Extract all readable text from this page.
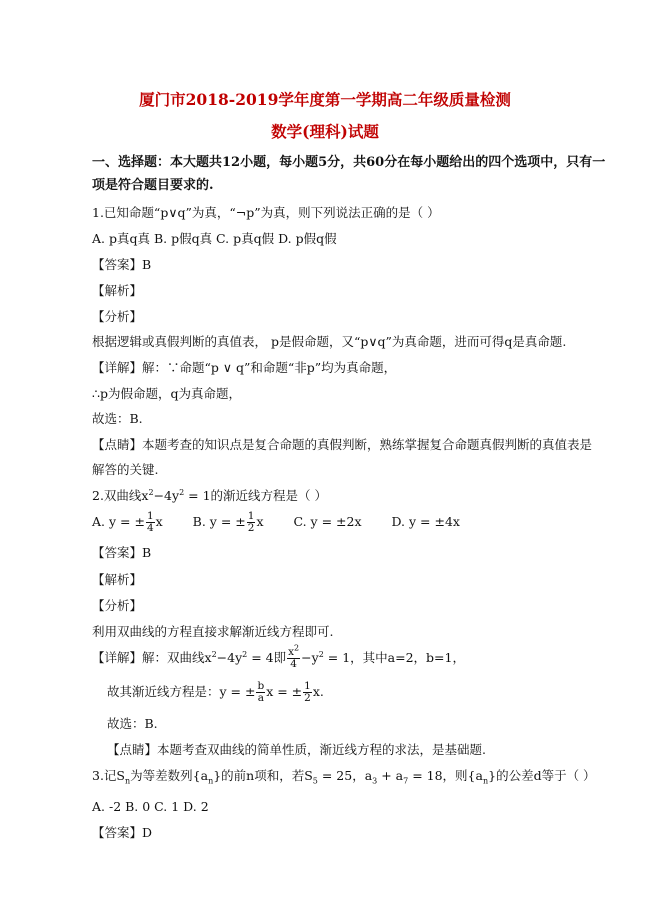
厦门市2018-2019学年度第一学期高二年级质量检测
数学(理科)试题
一、选择题：本大题共12小题，每小题5分，共60分在每小题给出的四个选项中，只有一
项是符合题目要求的.
1.已知命题“p∨q”为真，“¬p”为真，则下列说法正确的是（ ）
A. p真q真 B. p假q真 C. p真q假 D. p假q假
【答案】B
【解析】
【分析】
根据逻辑或真假判断的真值表， p是假命题，又“p∨q”为真命题，进而可得q是真命题.
【详解】解：∵命题“p ∨ q”和命题“非p”均为真命题，
∴p为假命题，q为真命题，
故选：B.
【点睛】本题考查的知识点是复合命题的真假判断，熟练掌握复合命题真假判断的真值表是
解答的关键.
2.双曲线$x^2-4y^2 = 1$的渐近线方程是（ ）
A. y = ± $\frac{1}{4}$ x B. y = ± $\frac{1}{2}$ x C. y = ±2x D. y = ±4x
【答案】B
【解析】
【分析】
利用双曲线的方程直接求解渐近线方程即可.
【详解】解：双曲线$x^2-4y^2 = 4$即 $\frac{x^2}{4} -y^2 = 1$，其中a=2，b=1，
故其渐近线方程是：y = ± $\frac{b}{a}$ x = ± $\frac{1}{2} x$.
故选：B.
【点睛】本题考查双曲线的简单性质，渐近线方程的求法，是基础题.
3.记$S_n$为等差数列$\{a_n\}$的前n项和，若$S_5 = 25$，$a_3 + a_7 = 18$，则$\{a_n\}$的公差d等于（ ）
A. -2 B. 0 C. 1 D. 2
【答案】D
